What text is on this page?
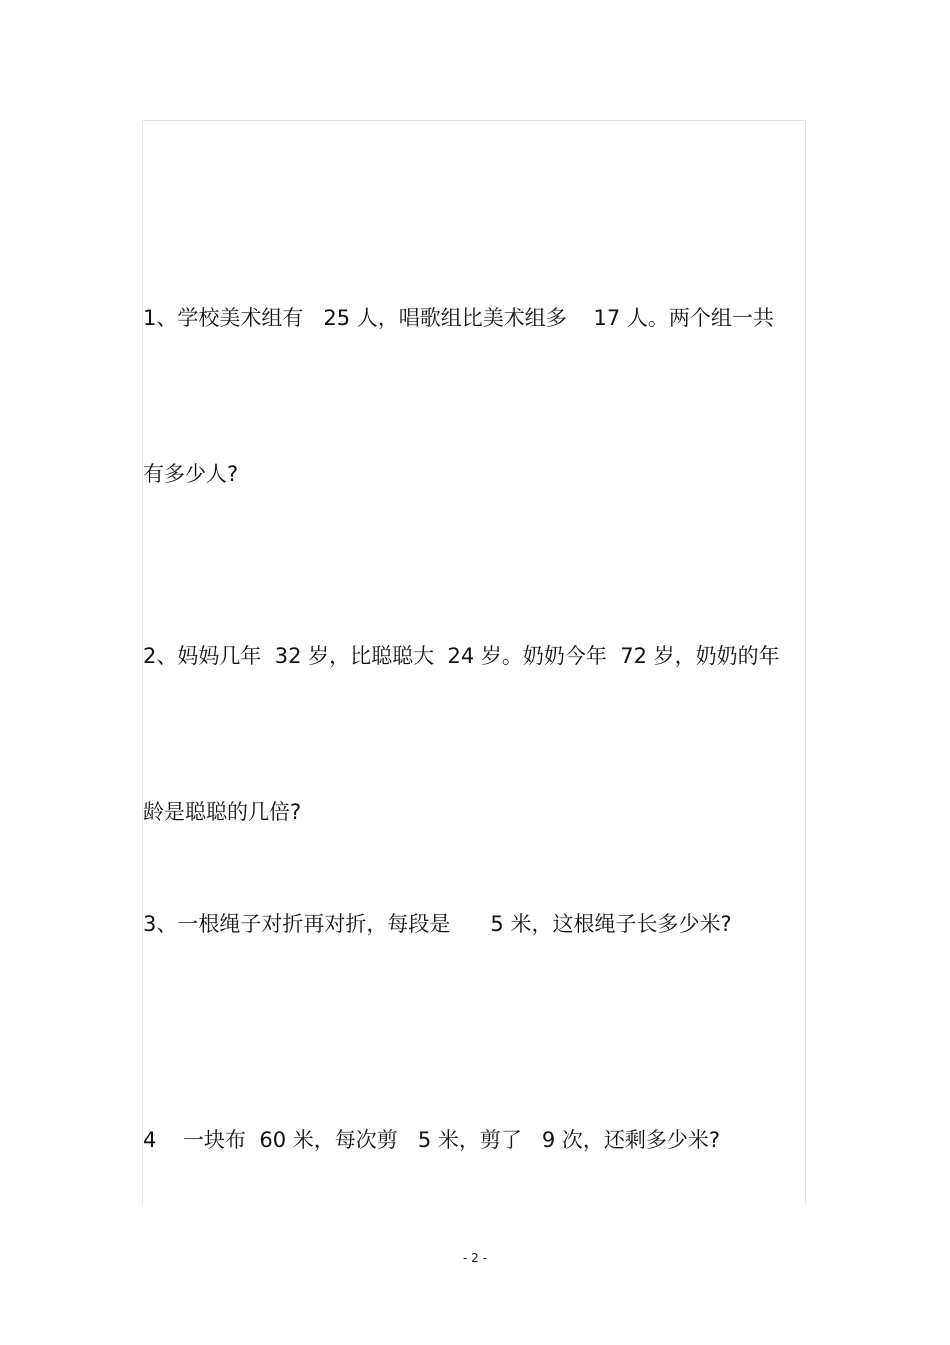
1、学校美术组有   25 人，唱歌组比美术组多    17 人。两个组一共

有多少人?

2、妈妈几年  32 岁，比聪聪大  24 岁。奶奶今年  72 岁，奶奶的年

龄是聪聪的几倍?

3、一根绳子对折再对折，每段是      5 米，这根绳子长多少米?

4    一块布  60 米，每次剪   5 米，剪了   9 次，还剩多少米?

- 2 -
